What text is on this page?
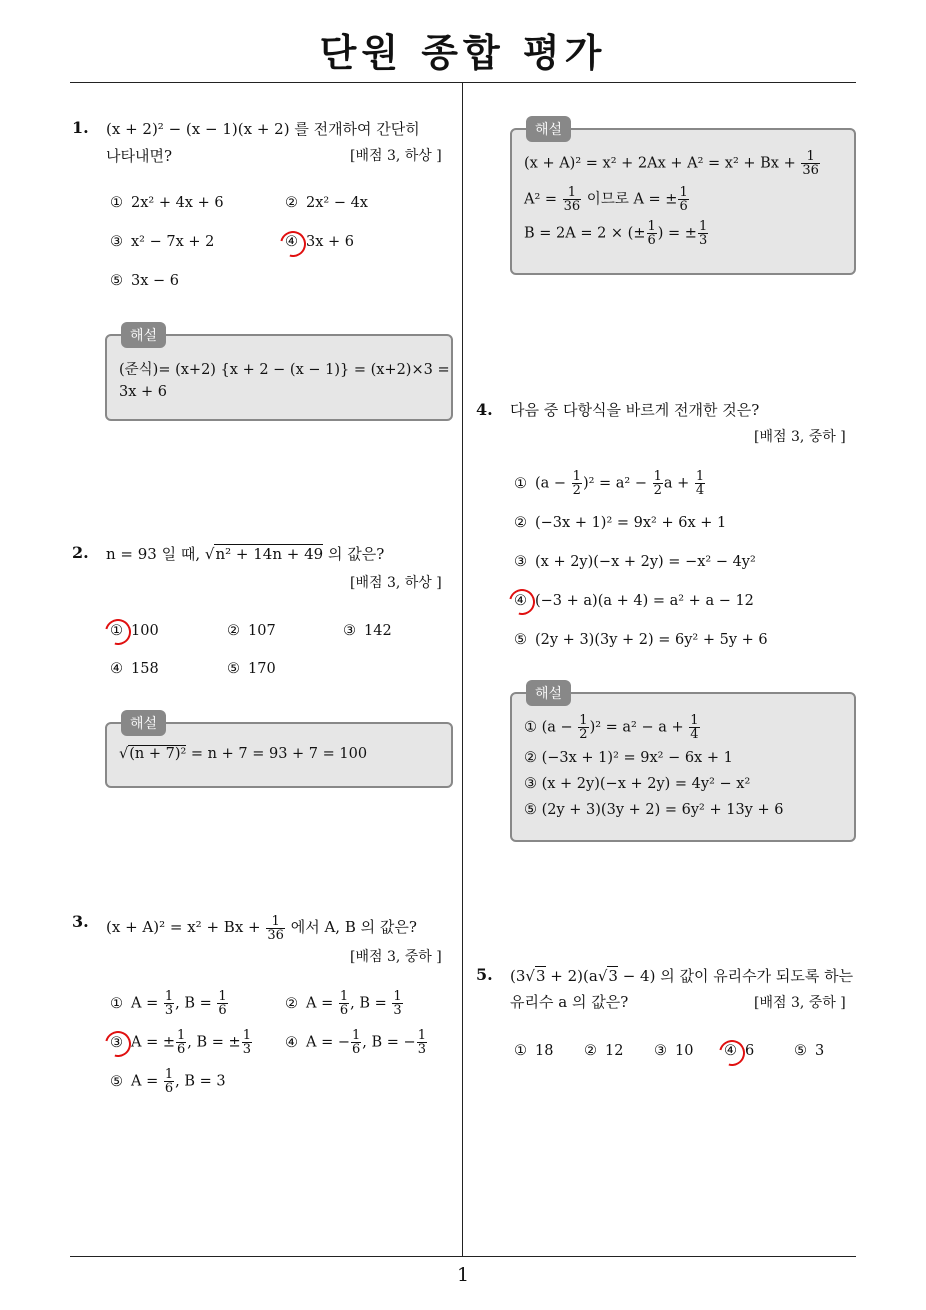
단원 종합 평가
1
1. (x + 2)² − (x − 1)(x + 2) 를 전개하여 간단히
나타내면?	[배점 3, 하상 ]
① 2x² + 4x + 6	② 2x² − 4x
③ x² − 7x + 2	④ 3x + 6
⑤ 3x − 6
해설
(준식)= (x+2) {x + 2 − (x − 1)} = (x+2)×3 =
3x + 6
2. n = 93 일 때, √n² + 14n + 49 의 값은?
[배점 3, 하상 ]
① 100	② 107	③ 142
④ 158	⑤ 170
해설
√(n + 7)² = n + 7 = 93 + 7 = 100
3. $(x + A)^2 = x^2 + Bx + \frac{1}{36}$ 에서 A, B 의 값은?
[배점 3, 중하 ]
① $A = \frac{1}{3}$ , $B = \frac{1}{6}$	② $A = \frac{1}{6}$ , $B = \frac{1}{3}$
③ A = ± $\frac{1}{6}$ , B = ± $\frac{1}{3}$ ④ A = − $\frac{1}{6}$ , B = − $\frac{1}{3}$
⑤ $A = \frac{1}{6}$ , B = 3
해설
$(x + A)^2 = x^2 + 2Ax + A^2 = x^2 + Bx + \frac{1}{36}$
$A^2 = \frac{1}{36}$ 이므로 A = ± $\frac{1}{6}$
B = 2A = 2 × (± $\frac{1}{6}$ ) = ± $\frac{1}{3}$
4. 다음 중 다항식을 바르게 전개한 것은?
[배점 3, 중하 ]
① $(a - \frac{1}{2} )^2 = a^2 - \frac{1}{2}$ $a + \frac{1}{4}$
② (−3x + 1)² = 9x² + 6x + 1
③ (x + 2y)(−x + 2y) = −x² − 4y²
④ (−3 + a)(a + 4) = a² + a − 12
⑤ (2y + 3)(3y + 2) = 6y² + 5y + 6
해설
① $(a - \frac{1}{2} )^2 = a^2 - a + \frac{1}{4}$
② (−3x + 1)² = 9x² − 6x + 1
③ (x + 2y)(−x + 2y) = 4y² − x²
⑤ (2y + 3)(3y + 2) = 6y² + 13y + 6
5. (3√3 + 2)(a√3 − 4) 의 값이 유리수가 되도록 하는
유리수 a 의 값은?	[배점 3, 중하 ]
① 18 ② 12 ③ 10 ④ 6	⑤ 3
